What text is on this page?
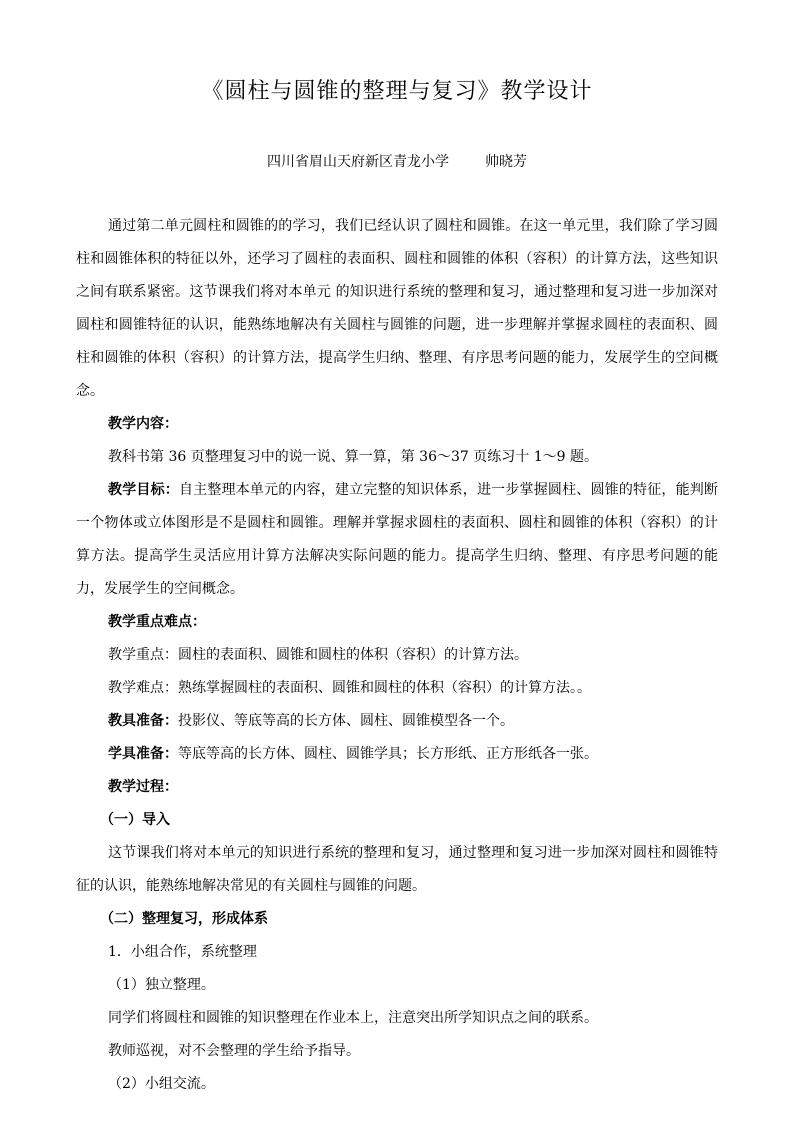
《圆柱与圆锥的整理与复习》教学设计
四川省眉山天府新区青龙小学	帅晓芳

通过第二单元圆柱和圆锥的的学习，我们已经认识了圆柱和圆锥。在这一单元里，我们除了学习圆柱和圆锥体积的特征以外，还学习了圆柱的表面积、圆柱和圆锥的体积（容积）的计算方法，这些知识之间有联系紧密。这节课我们将对本单元 的知识进行系统的整理和复习，通过整理和复习进一步加深对圆柱和圆锥特征的认识，能熟练地解决有关圆柱与圆锥的问题，进一步理解并掌握求圆柱的表面积、圆柱和圆锥的体积（容积）的计算方法，提高学生归纳、整理、有序思考问题的能力，发展学生的空间概念。

教学内容：

教科书第 36 页整理复习中的说一说、算一算，第 36～37 页练习十 1～9 题。

教学目标：自主整理本单元的内容，建立完整的知识体系，进一步掌握圆柱、圆锥的特征，能判断一个物体或立体图形是不是圆柱和圆锥。理解并掌握求圆柱的表面积、圆柱和圆锥的体积（容积）的计算方法。提高学生灵活应用计算方法解决实际问题的能力。提高学生归纳、整理、有序思考问题的能力，发展学生的空间概念。

教学重点难点：

教学重点：圆柱的表面积、圆锥和圆柱的体积（容积）的计算方法。

教学难点：熟练掌握圆柱的表面积、圆锥和圆柱的体积（容积）的计算方法。。

教具准备：投影仪、等底等高的长方体、圆柱、圆锥模型各一个。

学具准备：等底等高的长方体、圆柱、圆锥学具；长方形纸、正方形纸各一张。

教学过程：

（一）导入

这节课我们将对本单元的知识进行系统的整理和复习，通过整理和复习进一步加深对圆柱和圆锥特征的认识，能熟练地解决常见的有关圆柱与圆锥的问题。

（二）整理复习，形成体系

1．小组合作，系统整理

（1）独立整理。

同学们将圆柱和圆锥的知识整理在作业本上，注意突出所学知识点之间的联系。

教师巡视，对不会整理的学生给予指导。

（2）小组交流。
